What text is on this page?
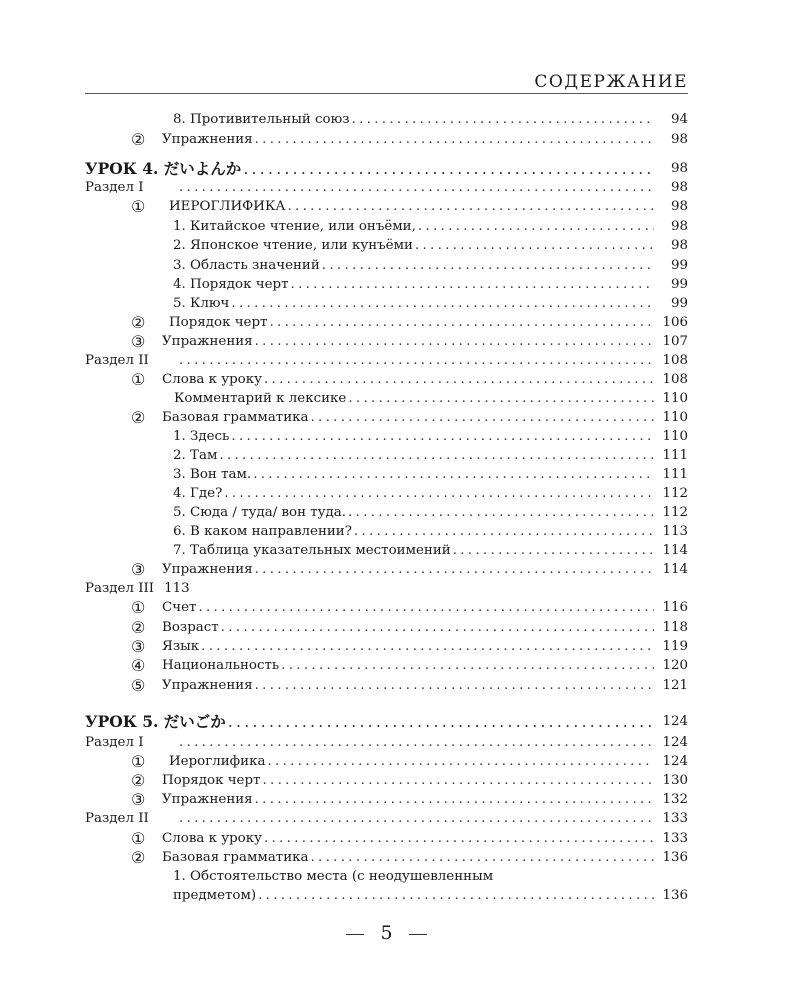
СОДЕРЖАНИЕ
8. Противительный союз .....	94
② Упражнения .....	98
УРОК 4. だいよんか .....	98
Раздел I .....	98
① ИЕРОГЛИФИКА .....	98
1. Китайское чтение, или онъёми, .....	98
2. Японское чтение, или кунъёми .....	98
3. Область значений .....	99
4. Порядок черт .....	99
5. Ключ .....	99
② Порядок черт .....	106
③ Упражнения .....	107
Раздел II .....	108
① Слова к уроку .....	108
Комментарий к лексике .....	110
② Базовая грамматика .....	110
1. Здесь .....	110
2. Там .....	111
3. Вон там. .....	111
4. Где? .....	112
5. Сюда / туда/ вон туда. .....	112
6. В каком направлении? .....	113
7. Таблица указательных местоимений .....	114
③ Упражнения .....	114
Раздел III 113
① Счет .....	116
② Возраст .....	118
③ Язык .....	119
④ Национальность .....	120
⑤ Упражнения .....	121
УРОК 5. だいごか .....	124
Раздел I .....	124
① Иероглифика .....	124
② Порядок черт .....	130
③ Упражнения .....	132
Раздел II .....	133
① Слова к уроку .....	133
② Базовая грамматика .....	136
1. Обстоятельство места (с неодушевленным
предметом) .....	136
5
